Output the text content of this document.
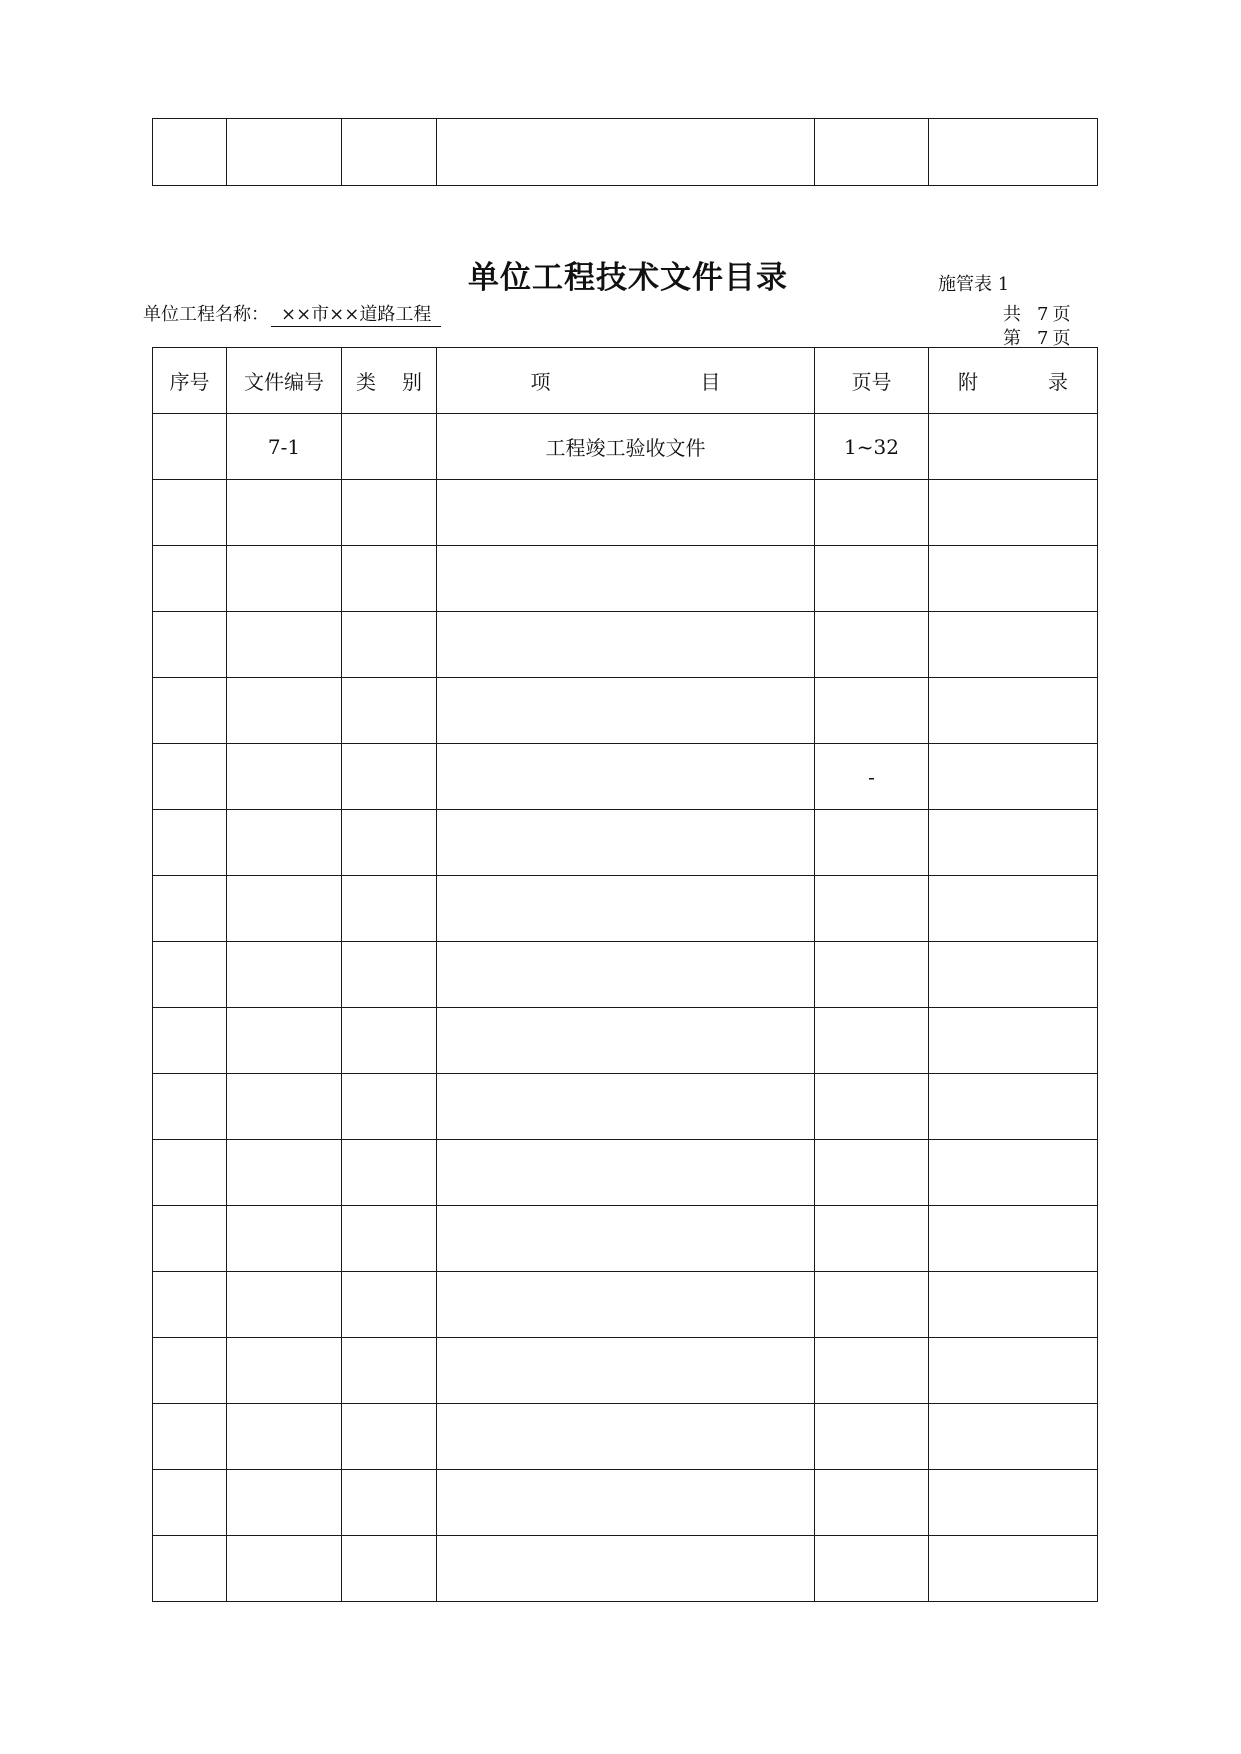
单位工程技术文件目录	施管表 1
单位工程名称： ××市××道路工程	共 7 页
第 7 页
序号	文件编号	类 别	项 目	页号	附 录
	7-1		工程竣工验收文件	1~32	

				-	
